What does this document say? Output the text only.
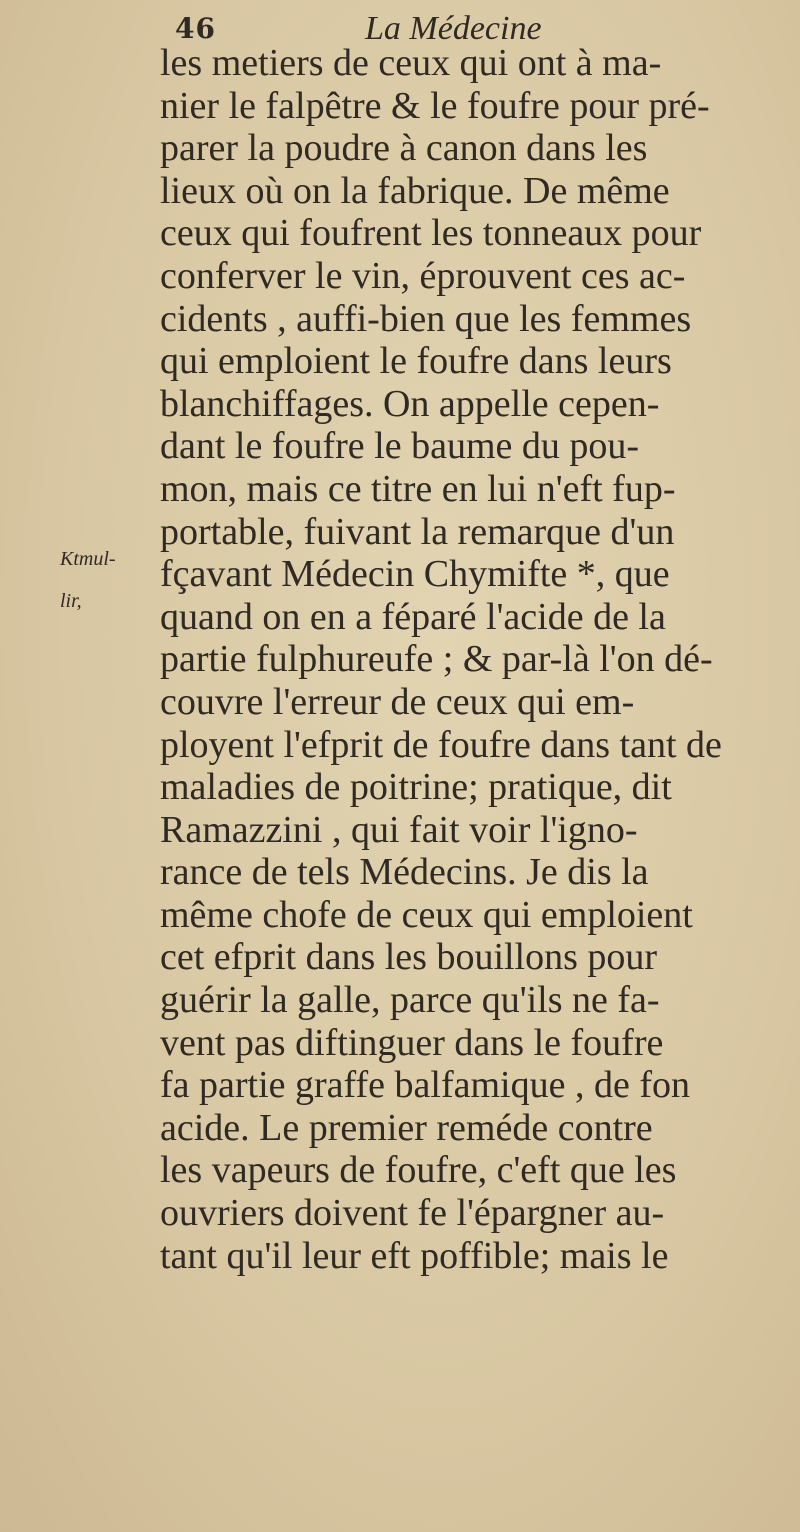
46	La Médecine
Ktmul-
lir,
les metiers de ceux qui ont à ma-
nier le falpêtre & le foufre pour pré-
parer la poudre à canon dans les
lieux où on la fabrique. De même
ceux qui foufrent les tonneaux pour
conferver le vin, éprouvent ces ac-
cidents , auffi-bien que les femmes
qui emploient le foufre dans leurs
blanchiffages. On appelle cepen-
dant le foufre le baume du pou-
mon, mais ce titre en lui n'eft fup-
portable, fuivant la remarque d'un
fçavant Médecin Chymifte *, que
quand on en a féparé l'acide de la
partie fulphureufe ; & par-là l'on dé-
couvre l'erreur de ceux qui em-
ployent l'efprit de foufre dans tant de
maladies de poitrine; pratique, dit
Ramazzini , qui fait voir l'igno-
rance de tels Médecins. Je dis la
même chofe de ceux qui emploient
cet efprit dans les bouillons pour
guérir la galle, parce qu'ils ne fa-
vent pas diftinguer dans le foufre
fa partie graffe balfamique , de fon
acide. Le premier reméde contre
les vapeurs de foufre, c'eft que les
ouvriers doivent fe l'épargner au-
tant qu'il leur eft poffible; mais le
